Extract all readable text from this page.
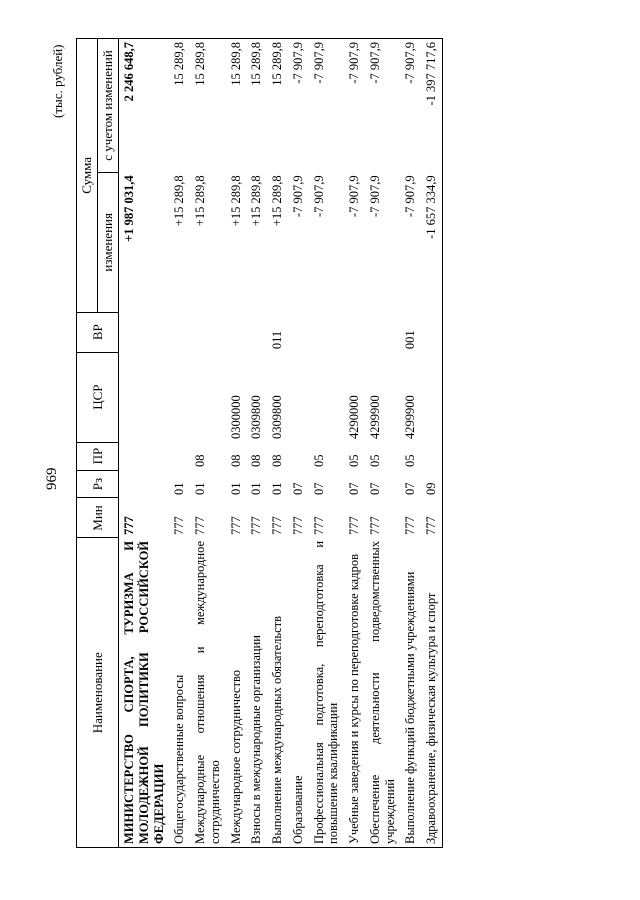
969
(тыс. рублей)
Наименование	Мин	Рз	ПР	ЦСР	ВР	Сумма	
						изменения	с учетом изменений
МИНИСТЕРСТВО СПОРТА, ТУРИЗМА И МОЛОДЕЖНОЙ ПОЛИТИКИ РОССИЙСКОЙ ФЕДЕРАЦИИ	777					+1 987 031,4	2 246 648,7
Общегосударственные вопросы	777	01				+15 289,8	15 289,8
Международные отношения и международное сотрудничество	777	01	08			+15 289,8	15 289,8
Международное сотрудничество	777	01	08	0300000		+15 289,8	15 289,8
Взносы в международные организации	777	01	08	0309800		+15 289,8	15 289,8
Выполнение международных обязательств	777	01	08	0309800	011	+15 289,8	15 289,8
Образование	777	07				-7 907,9	-7 907,9
Профессиональная подготовка, переподготовка и повышение квалификации	777	07	05			-7 907,9	-7 907,9
Учебные заведения и курсы по переподготовке кадров	777	07	05	4290000		-7 907,9	-7 907,9
Обеспечение деятельности подведомственных учреждений	777	07	05	4299900		-7 907,9	-7 907,9
Выполнение функций бюджетными учреждениями	777	07	05	4299900	001	-7 907,9	-7 907,9
Здравоохранение, физическая культура и спорт	777	09				-1 657 334,9	-1 397 717,6
